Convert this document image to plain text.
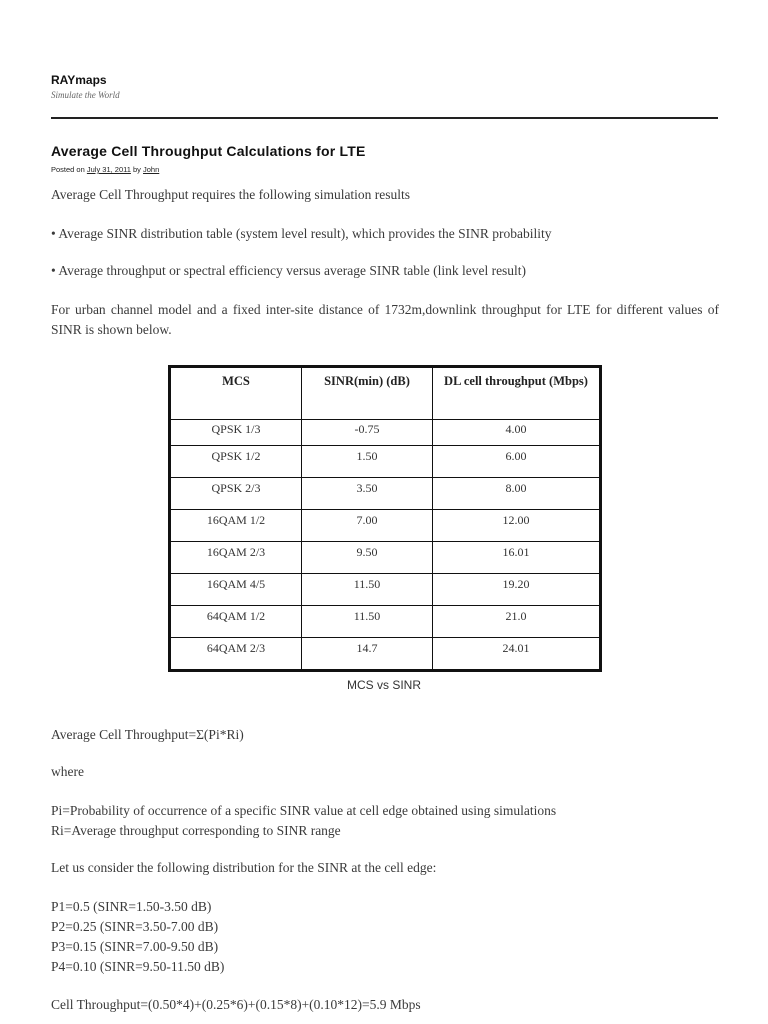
RAYmaps
Simulate the World
Average Cell Throughput Calculations for LTE
Posted on July 31, 2011 by John
Average Cell Throughput requires the following simulation results
• Average SINR distribution table (system level result), which provides the SINR probability
• Average throughput or spectral efficiency versus average SINR table (link level result)
For urban channel model and a fixed inter-site distance of 1732m,downlink throughput for LTE for different values of SINR is shown below.
MCS	SINR(min) (dB)	DL cell throughput (Mbps)
QPSK 1/3	-0.75	4.00
QPSK 1/2	1.50	6.00
QPSK 2/3	3.50	8.00
16QAM 1/2	7.00	12.00
16QAM 2/3	9.50	16.01
16QAM 4/5	11.50	19.20
64QAM 1/2	11.50	21.0
64QAM 2/3	14.7	24.01
MCS vs SINR
Average Cell Throughput=Σ(Pi*Ri)
where
Pi=Probability of occurrence of a specific SINR value at cell edge obtained using simulations
Ri=Average throughput corresponding to SINR range
Let us consider the following distribution for the SINR at the cell edge:
P1=0.5 (SINR=1.50-3.50 dB)
P2=0.25 (SINR=3.50-7.00 dB)
P3=0.15 (SINR=7.00-9.50 dB)
P4=0.10 (SINR=9.50-11.50 dB)
Cell Throughput=(0.50*4)+(0.25*6)+(0.15*8)+(0.10*12)=5.9 Mbps
